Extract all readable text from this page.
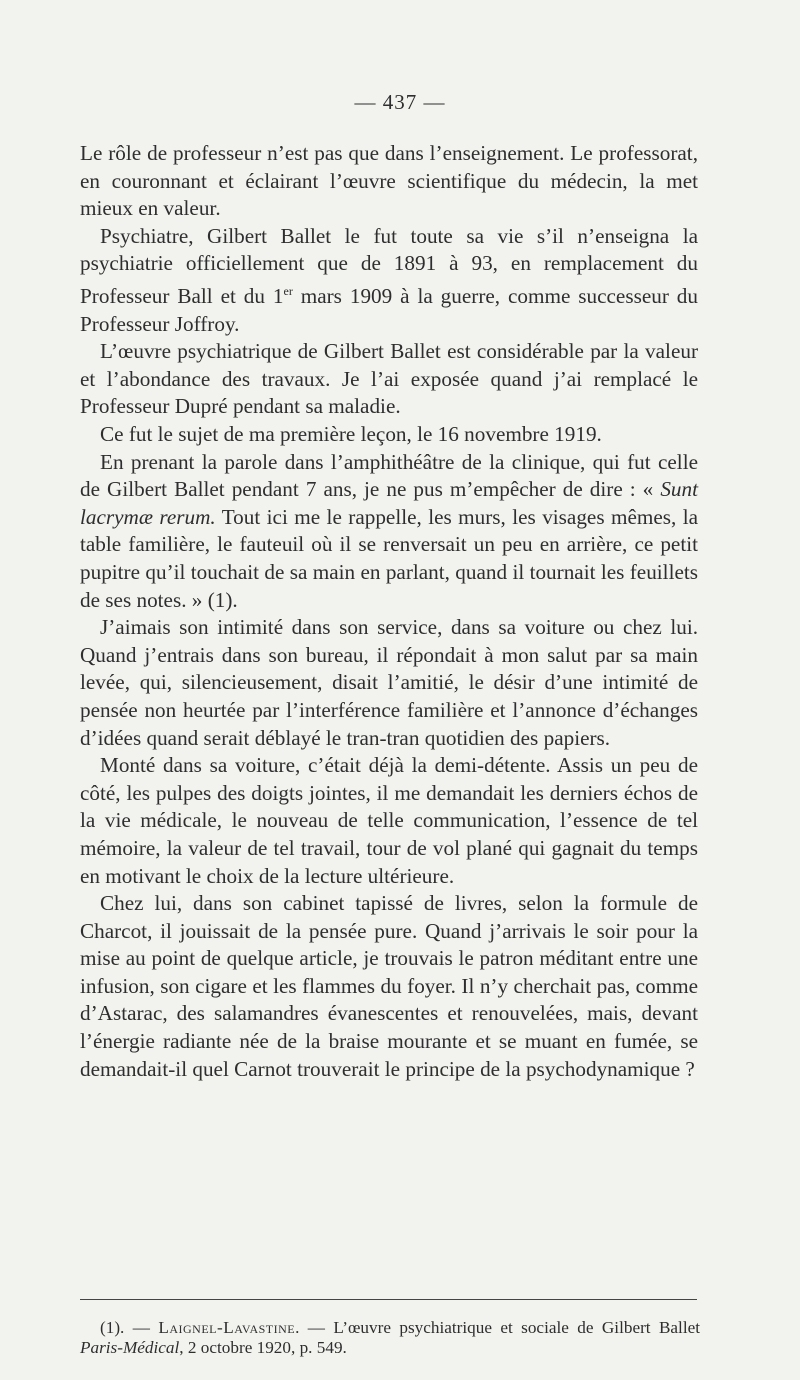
— 437 —

Le rôle de professeur n’est pas que dans l’enseignement. Le professorat, en couronnant et éclairant l’œuvre scientifique du médecin, la met mieux en valeur.

Psychiatre, Gilbert Ballet le fut toute sa vie s’il n’enseigna la psychiatrie officiellement que de 1891 à 93, en remplacement du Professeur Ball et du 1er mars 1909 à la guerre, comme successeur du Professeur Joffroy.

L’œuvre psychiatrique de Gilbert Ballet est considérable par la valeur et l’abondance des travaux. Je l’ai exposée quand j’ai remplacé le Professeur Dupré pendant sa maladie.

Ce fut le sujet de ma première leçon, le 16 novembre 1919.

En prenant la parole dans l’amphithéâtre de la clinique, qui fut celle de Gilbert Ballet pendant 7 ans, je ne pus m’empêcher de dire : « Sunt lacrymæ rerum. Tout ici me le rappelle, les murs, les visages mêmes, la table familière, le fauteuil où il se renversait un peu en arrière, ce petit pupitre qu’il touchait de sa main en parlant, quand il tournait les feuillets de ses notes. » (1).

J’aimais son intimité dans son service, dans sa voiture ou chez lui. Quand j’entrais dans son bureau, il répondait à mon salut par sa main levée, qui, silencieusement, disait l’amitié, le désir d’une intimité de pensée non heurtée par l’interférence familière et l’annonce d’échanges d’idées quand serait déblayé le tran-tran quotidien des papiers.

Monté dans sa voiture, c’était déjà la demi-détente. Assis un peu de côté, les pulpes des doigts jointes, il me demandait les derniers échos de la vie médicale, le nouveau de telle communication, l’essence de tel mémoire, la valeur de tel travail, tour de vol plané qui gagnait du temps en motivant le choix de la lecture ultérieure.

Chez lui, dans son cabinet tapissé de livres, selon la formule de Charcot, il jouissait de la pensée pure. Quand j’arrivais le soir pour la mise au point de quelque article, je trouvais le patron méditant entre une infusion, son cigare et les flammes du foyer. Il n’y cherchait pas, comme d’Astarac, des salamandres évanescentes et renouvelées, mais, devant l’énergie radiante née de la braise mourante et se muant en fumée, se demandait-il quel Carnot trouverait le principe de la psychodynamique ?

(1). — Laignel-Lavastine. — L’œuvre psychiatrique et sociale de Gilbert Ballet Paris-Médical, 2 octobre 1920, p. 549.
